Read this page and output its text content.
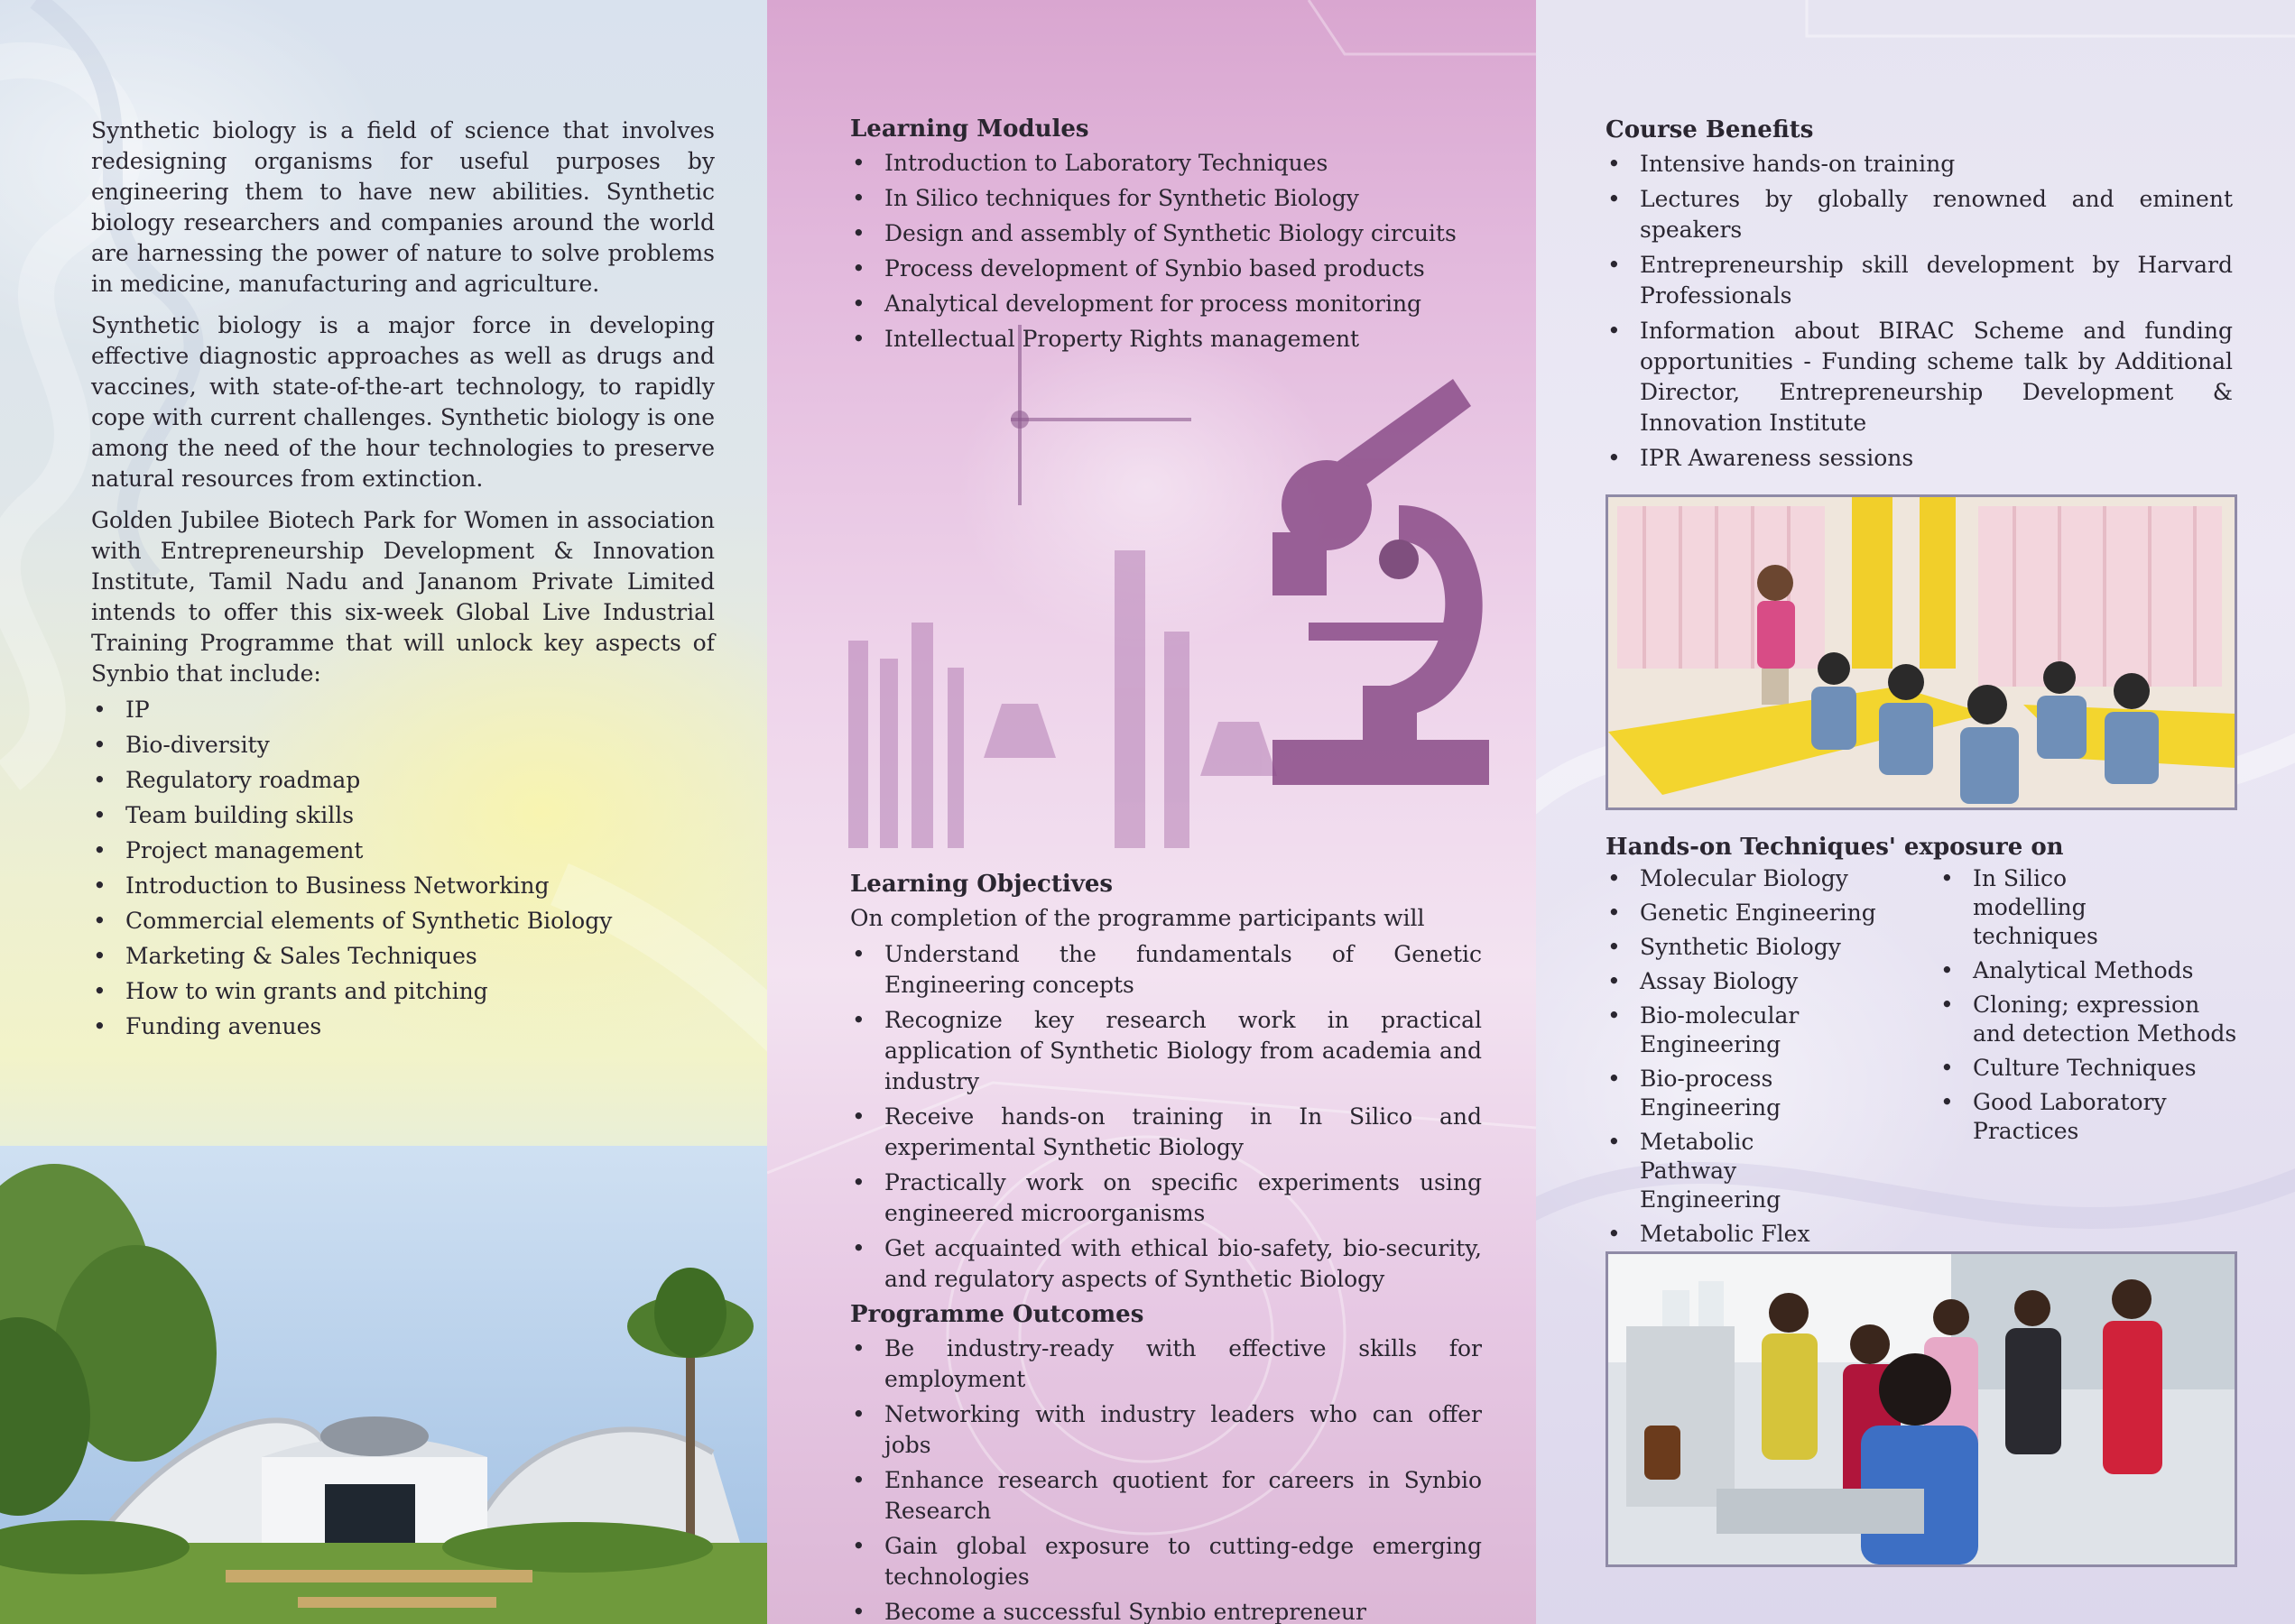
Synthetic biology is a field of science that involves redesigning organisms for useful purposes by engineering them to have new abilities. Synthetic biology researchers and companies around the world are harnessing the power of nature to solve problems in medicine, manufacturing and agriculture.

Synthetic biology is a major force in developing effective diagnostic approaches as well as drugs and vaccines, with state-of-the-art technology, to rapidly cope with current challenges. Synthetic biology is one among the need of the hour technologies to preserve natural resources from extinction.

Golden Jubilee Biotech Park for Women in association with Entrepreneurship Development & Innovation Institute, Tamil Nadu and Jananom Private Limited intends to offer this six-week Global Live Industrial Training Programme that will unlock key aspects of Synbio that include:

• IP
• Bio-diversity
• Regulatory roadmap
• Team building skills
• Project management
• Introduction to Business Networking
• Commercial elements of Synthetic Biology
• Marketing & Sales Techniques
• How to win grants and pitching
• Funding avenues
Learning Modules
• Introduction to Laboratory Techniques
• In Silico techniques for Synthetic Biology
• Design and assembly of Synthetic Biology circuits
• Process development of Synbio based products
• Analytical development for process monitoring
• Intellectual Property Rights management
Learning Objectives
On completion of the programme participants will
• Understand the fundamentals of Genetic Engineering concepts
• Recognize key research work in practical application of Synthetic Biology from academia and industry
• Receive hands-on training in In Silico and experimental Synthetic Biology
• Practically work on specific experiments using engineered microorganisms
• Get acquainted with ethical bio-safety, bio-security, and regulatory aspects of Synthetic Biology
Programme Outcomes
• Be industry-ready with effective skills for employment
• Networking with industry leaders who can offer jobs
• Enhance research quotient for careers in Synbio Research
• Gain global exposure to cutting-edge emerging technologies
• Become a successful Synbio entrepreneur
Course Benefits
• Intensive hands-on training
• Lectures by globally renowned and eminent speakers
• Entrepreneurship skill development by Harvard Professionals
• Information about BIRAC Scheme and funding opportunities - Funding scheme talk by Additional Director, Entrepreneurship Development & Innovation Institute
• IPR Awareness sessions
Hands-on Techniques' exposure on
• Molecular Biology
• Genetic Engineering
• Synthetic Biology
• Assay Biology
• Bio-molecular Engineering
• Bio-process Engineering
• Metabolic Pathway Engineering
• Metabolic Flex
• In Silico modelling techniques
• Analytical Methods
• Cloning; expression and detection Methods
• Culture Techniques
• Good Laboratory Practices
